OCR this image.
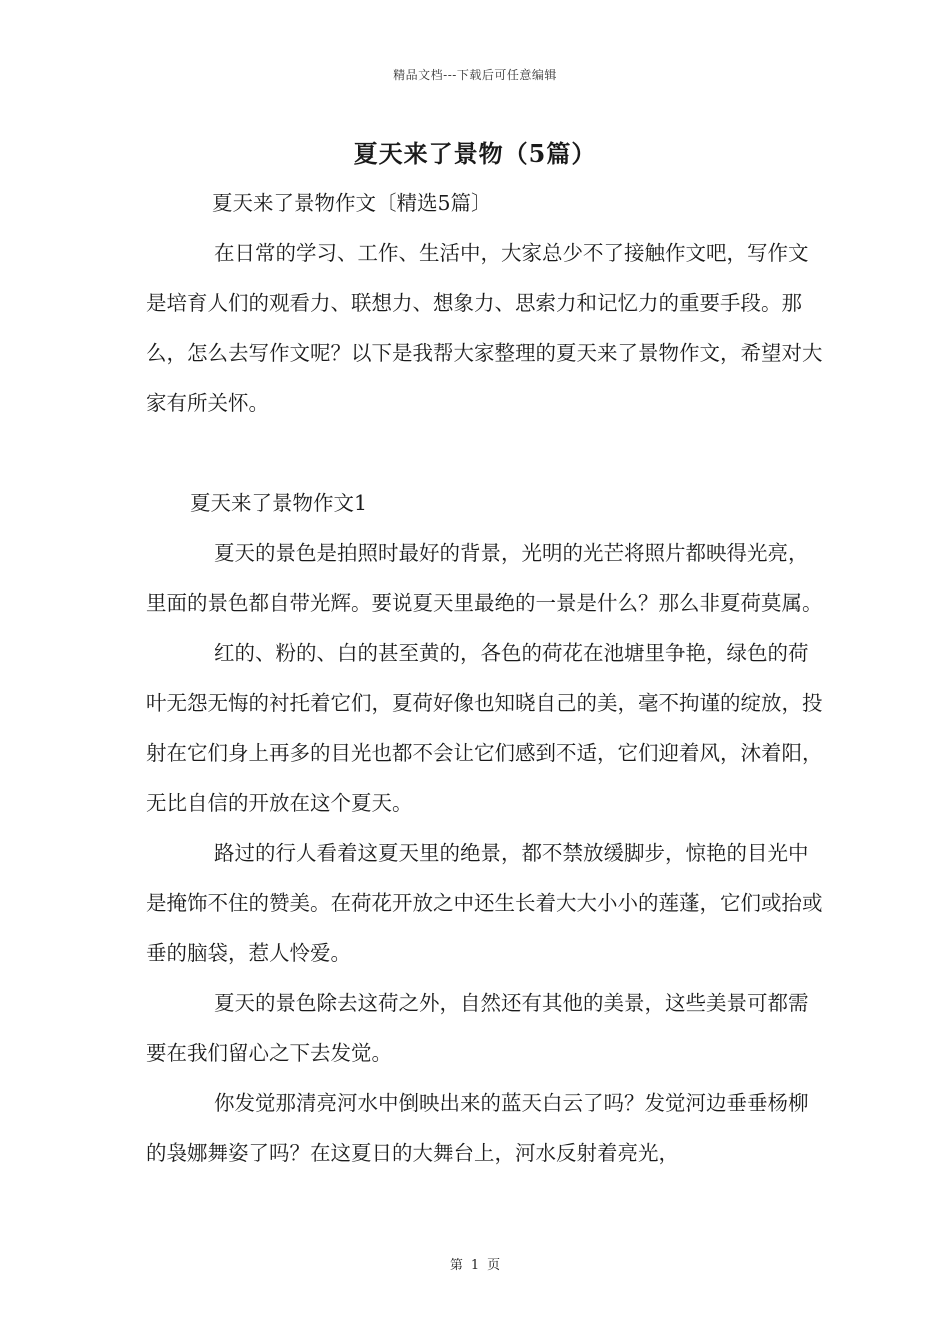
精品文档---下载后可任意编辑
夏天来了景物（5篇）
夏天来了景物作文〔精选5篇〕

在日常的学习、工作、生活中，大家总少不了接触作文吧，写作文是培育人们的观看力、联想力、想象力、思索力和记忆力的重要手段。那么，怎么去写作文呢？以下是我帮大家整理的夏天来了景物作文，希望对大家有所关怀。

夏天来了景物作文1

夏天的景色是拍照时最好的背景，光明的光芒将照片都映得光亮，里面的景色都自带光辉。要说夏天里最绝的一景是什么？那么非夏荷莫属。

红的、粉的、白的甚至黄的，各色的荷花在池塘里争艳，绿色的荷叶无怨无悔的衬托着它们，夏荷好像也知晓自己的美，毫不拘谨的绽放，投射在它们身上再多的目光也都不会让它们感到不适，它们迎着风，沐着阳，无比自信的开放在这个夏天。

路过的行人看着这夏天里的绝景，都不禁放缓脚步，惊艳的目光中是掩饰不住的赞美。在荷花开放之中还生长着大大小小的莲蓬，它们或抬或垂的脑袋，惹人怜爱。

夏天的景色除去这荷之外，自然还有其他的美景，这些美景可都需要在我们留心之下去发觉。

你发觉那清亮河水中倒映出来的蓝天白云了吗？发觉河边垂垂杨柳的袅娜舞姿了吗？在这夏日的大舞台上，河水反射着亮光，

第 1 页
